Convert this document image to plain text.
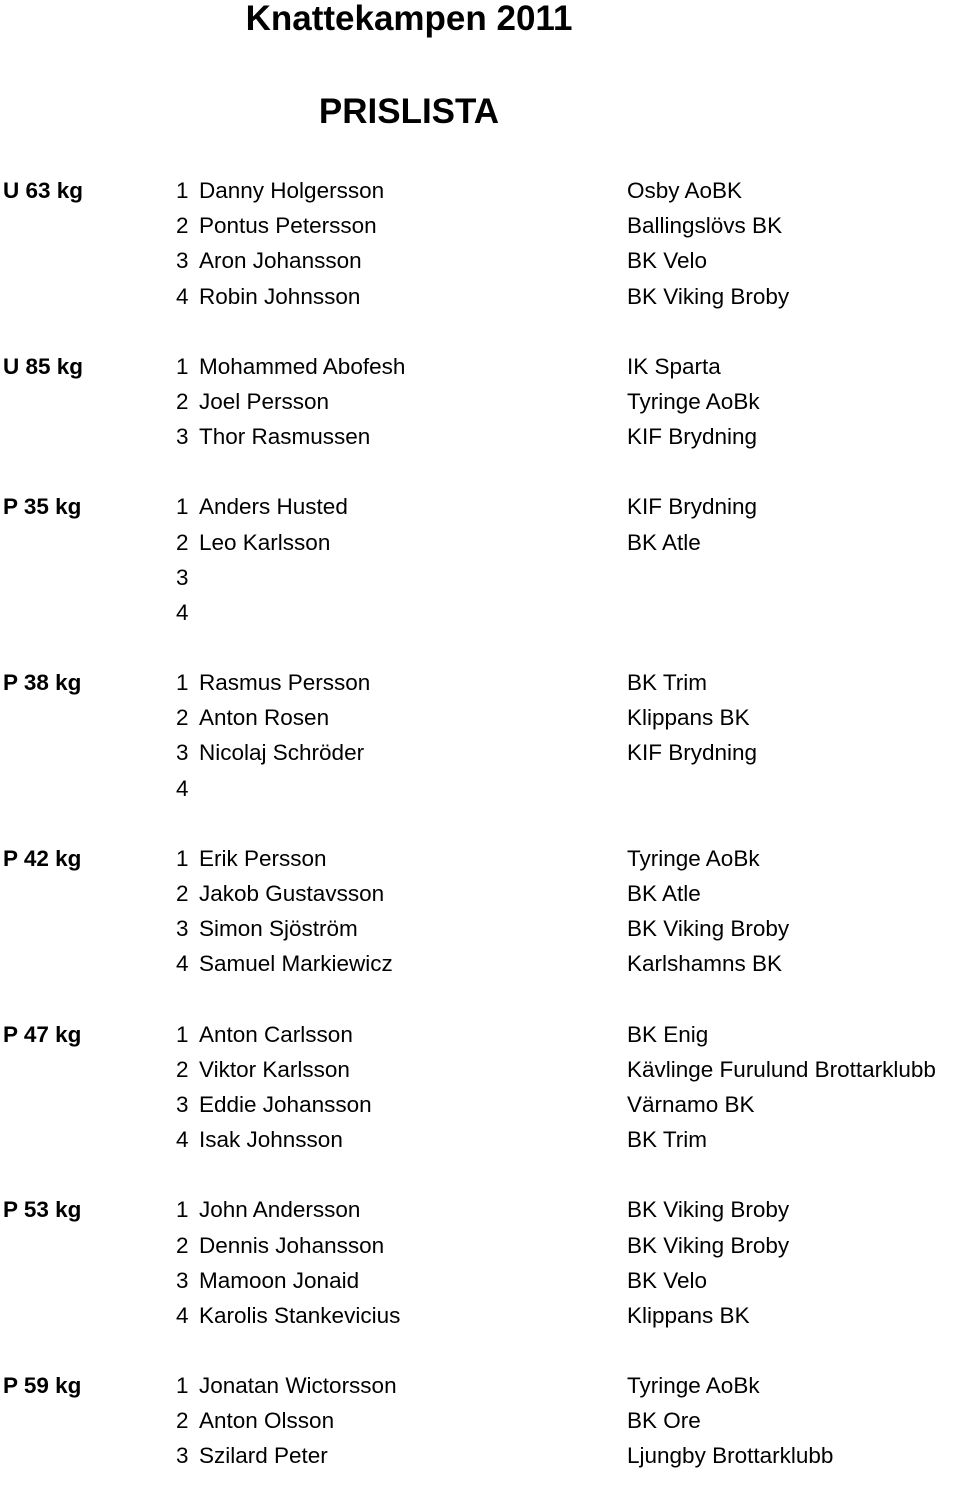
Knattekampen 2011
PRISLISTA
U 63 kg	1 Danny Holgersson	Osby AoBK
2 Pontus Petersson	Ballingslövs BK
3 Aron Johansson	BK Velo
4 Robin Johnsson	BK Viking Broby
U 85 kg	1 Mohammed Abofesh	IK Sparta
2 Joel Persson	Tyringe AoBk
3 Thor Rasmussen	KIF Brydning
P 35 kg	1 Anders Husted	KIF Brydning
2 Leo Karlsson	BK Atle
3
4
P 38 kg	1 Rasmus Persson	BK Trim
2 Anton Rosen	Klippans BK
3 Nicolaj Schröder	KIF Brydning
4
P 42 kg	1 Erik Persson	Tyringe AoBk
2 Jakob Gustavsson	BK Atle
3 Simon Sjöström	BK Viking Broby
4 Samuel Markiewicz	Karlshamns BK
P 47 kg	1 Anton Carlsson	BK Enig
2 Viktor Karlsson	Kävlinge Furulund Brottarklubb
3 Eddie Johansson	Värnamo BK
4 Isak Johnsson	BK Trim
P 53 kg	1 John Andersson	BK Viking Broby
2 Dennis Johansson	BK Viking Broby
3 Mamoon Jonaid	BK Velo
4 Karolis Stankevicius	Klippans BK
P 59 kg	1 Jonatan Wictorsson	Tyringe AoBk
2 Anton Olsson	BK Ore
3 Szilard Peter	Ljungby Brottarklubb
